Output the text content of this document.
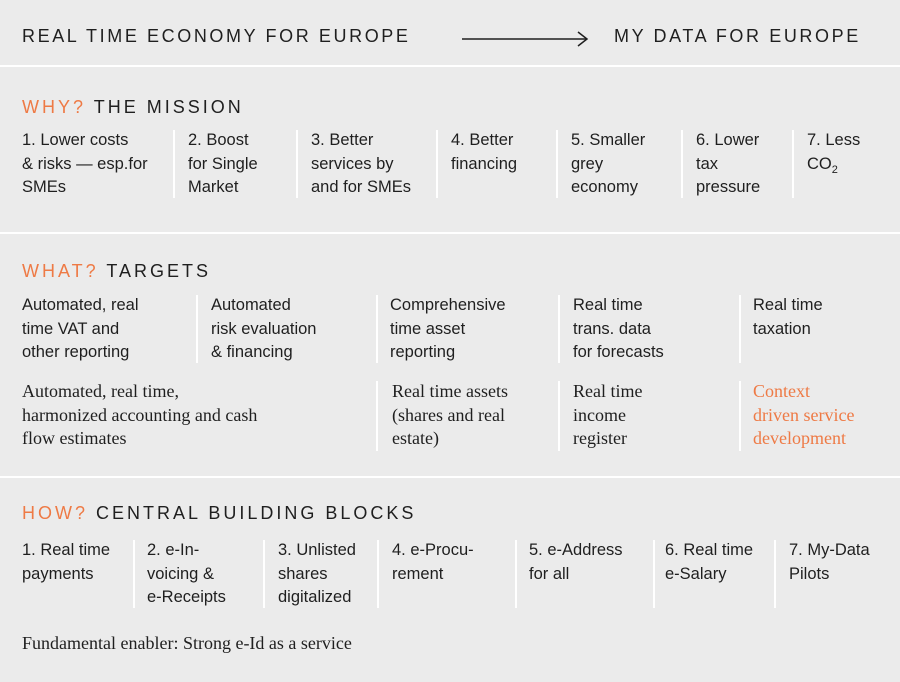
REAL TIME ECONOMY FOR EUROPE	MY DATA FOR EUROPE
WHY? THE MISSION
1. Lower costs
& risks — esp.for
SMEs
2. Boost
for Single
Market
3. Better
services by
and for SMEs
4. Better
financing
5. Smaller
grey
economy
6. Lower
tax
pressure
7. Less
$CO_2$
WHAT? TARGETS
Automated, real
time VAT and
other reporting
Automated
risk evaluation
& financing
Comprehensive
time asset
reporting
Real time
trans. data
for forecasts
Real time
taxation
Automated, real time,
harmonized accounting and cash
flow estimates
Real time assets
(shares and real
estate)
Real time
income
register
Context
driven service
development
HOW? CENTRAL BUILDING BLOCKS
1. Real time
payments
2. e-In-
voicing &
e-Receipts
3. Unlisted
shares
digitalized
4. e-Procu-
rement
5. e-Address
for all
6. Real time
e-Salary
7. My-Data
Pilots
Fundamental enabler: Strong e-Id as a service
